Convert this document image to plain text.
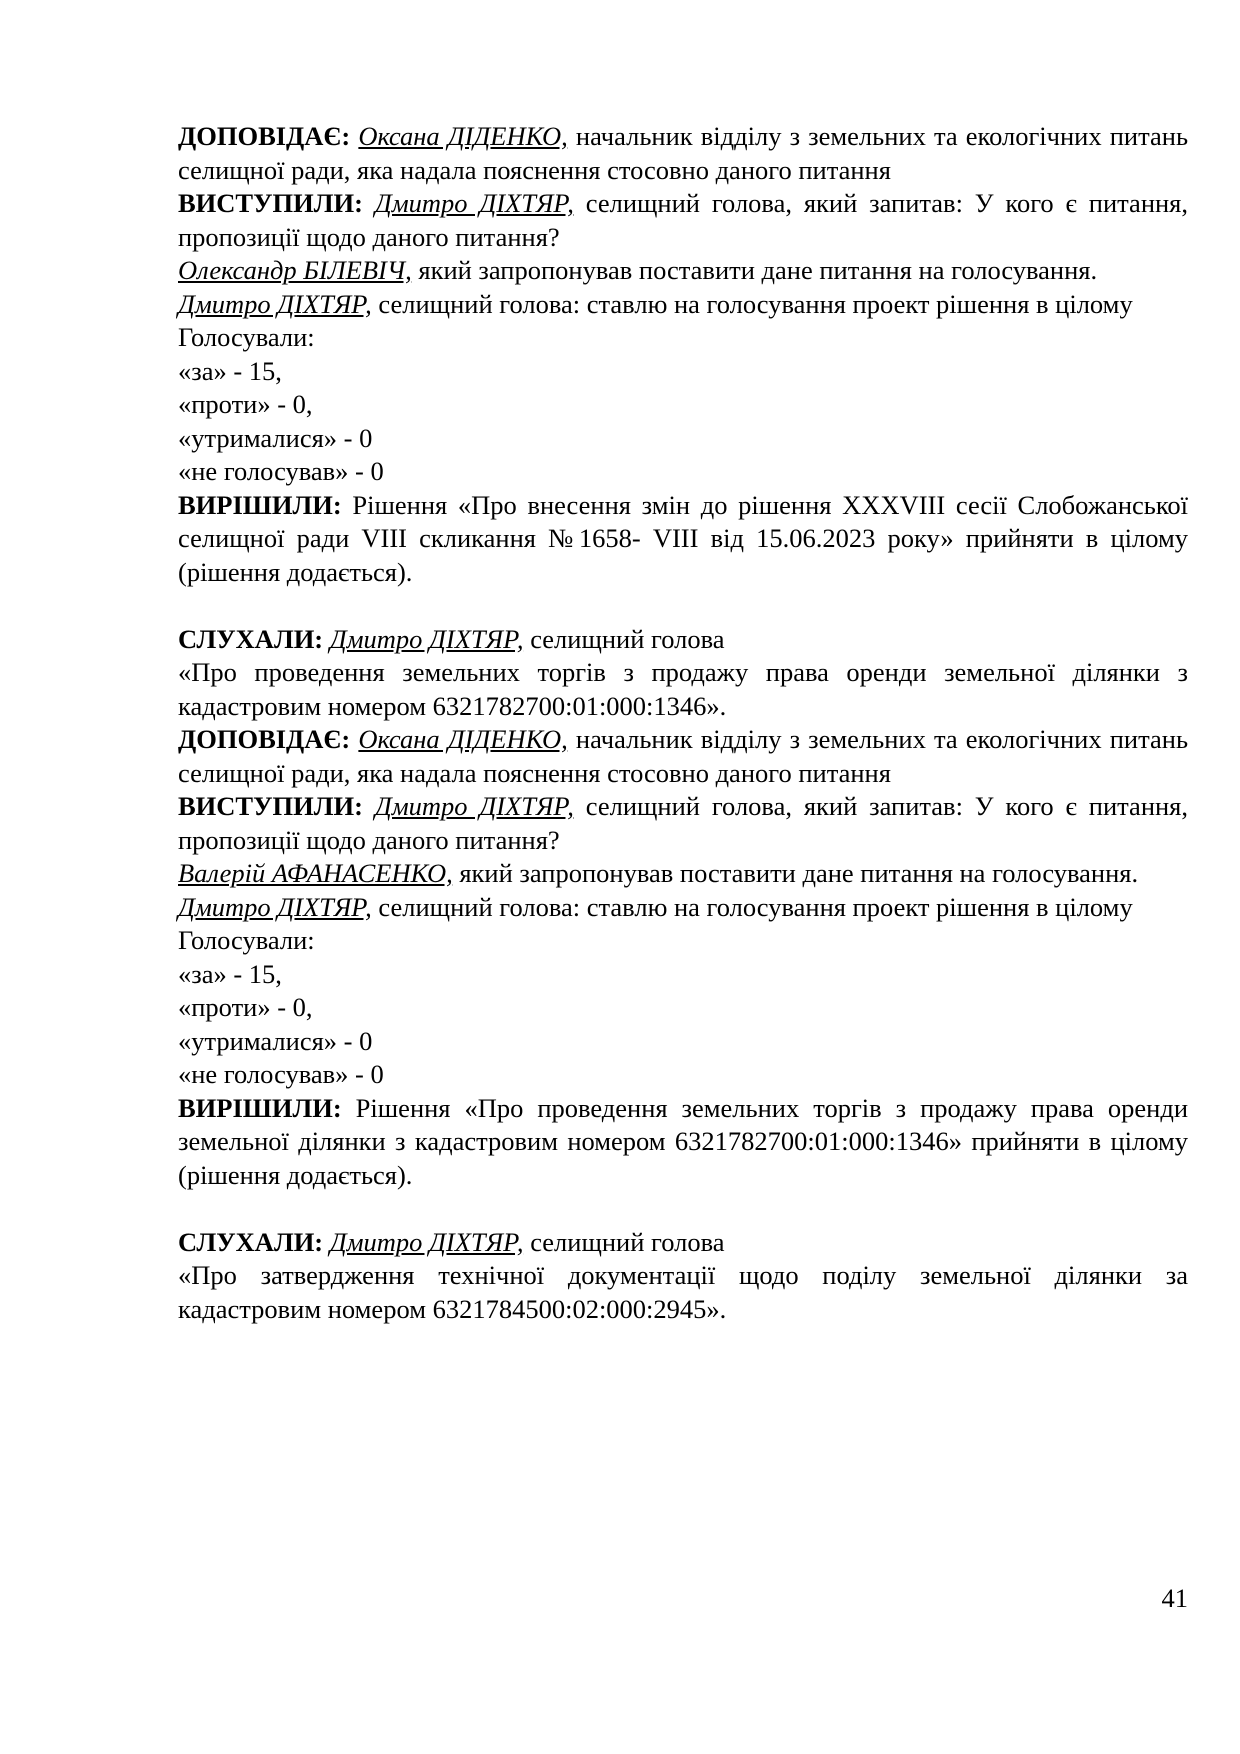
ДОПОВІДАЄ: Оксана ДІДЕНКО, начальник відділу з земельних та екологічних питань селищної ради, яка надала пояснення стосовно даного питання

ВИСТУПИЛИ: Дмитро ДІХТЯР, селищний голова, який запитав: У кого є питання, пропозиції щодо даного питання?

Олександр БІЛЕВІЧ, який запропонував поставити дане питання на голосування.

Дмитро ДІХТЯР, селищний голова: ставлю на голосування проект рішення в цілому

Голосували:

«за» - 15,

«проти» - 0,

«утрималися» - 0

«не голосував» - 0

ВИРІШИЛИ: Рішення «Про внесення змін до рішення XXXVIII сесії Слобожанської селищної ради VIII скликання №1658- VIII від 15.06.2023 року» прийняти в цілому (рішення додається).

СЛУХАЛИ: Дмитро ДІХТЯР, селищний голова

«Про проведення земельних торгів з продажу права оренди земельної ділянки з кадастровим номером 6321782700:01:000:1346».

ДОПОВІДАЄ: Оксана ДІДЕНКО, начальник відділу з земельних та екологічних питань селищної ради, яка надала пояснення стосовно даного питання

ВИСТУПИЛИ: Дмитро ДІХТЯР, селищний голова, який запитав: У кого є питання, пропозиції щодо даного питання?

Валерій АФАНАСЕНКО, який запропонував поставити дане питання на голосування.

Дмитро ДІХТЯР, селищний голова: ставлю на голосування проект рішення в цілому

Голосували:

«за» - 15,

«проти» - 0,

«утрималися» - 0

«не голосував» - 0

ВИРІШИЛИ: Рішення «Про проведення земельних торгів з продажу права оренди земельної ділянки з кадастровим номером 6321782700:01:000:1346» прийняти в цілому (рішення додається).

СЛУХАЛИ: Дмитро ДІХТЯР, селищний голова

«Про затвердження технічної документації щодо поділу земельної ділянки за кадастровим номером 6321784500:02:000:2945».

41
